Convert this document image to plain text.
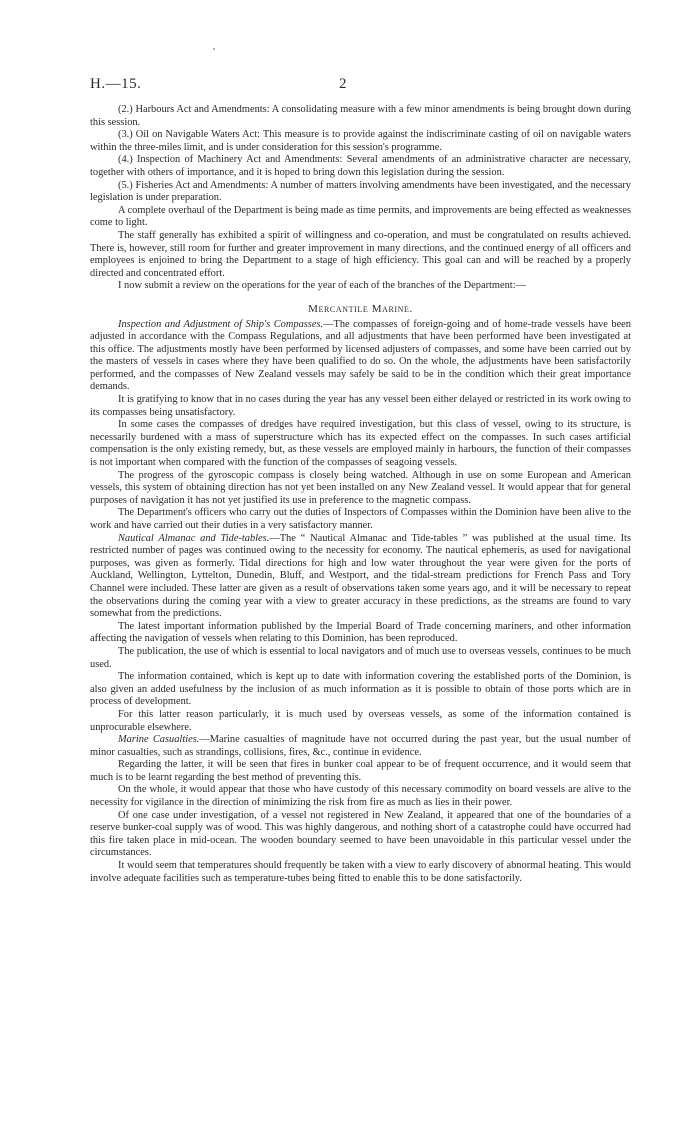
H.—15.	2

(2.) Harbours Act and Amendments: A consolidating measure with a few minor amendments is being brought down during this session.

(3.) Oil on Navigable Waters Act: This measure is to provide against the indiscriminate casting of oil on navigable waters within the three-miles limit, and is under consideration for this session's programme.

(4.) Inspection of Machinery Act and Amendments: Several amendments of an administrative character are necessary, together with others of importance, and it is hoped to bring down this legislation during the session.

(5.) Fisheries Act and Amendments: A number of matters involving amendments have been investigated, and the necessary legislation is under preparation.

A complete overhaul of the Department is being made as time permits, and improvements are being effected as weaknesses come to light.

The staff generally has exhibited a spirit of willingness and co-operation, and must be congratulated on results achieved. There is, however, still room for further and greater improvement in many directions, and the continued energy of all officers and employees is enjoined to bring the Department to a stage of high efficiency. This goal can and will be reached by a properly directed and concentrated effort.

I now submit a review on the operations for the year of each of the branches of the Department:—

Mercantile Marine.

Inspection and Adjustment of Ship's Compasses.—The compasses of foreign-going and of home-trade vessels have been adjusted in accordance with the Compass Regulations, and all adjustments that have been performed have been investigated at this office. The adjustments mostly have been performed by licensed adjusters of compasses, and some have been carried out by the masters of vessels in cases where they have been qualified to do so. On the whole, the adjustments have been satisfactorily performed, and the compasses of New Zealand vessels may safely be said to be in the condition which their great importance demands.

It is gratifying to know that in no cases during the year has any vessel been either delayed or restricted in its work owing to its compasses being unsatisfactory.

In some cases the compasses of dredges have required investigation, but this class of vessel, owing to its structure, is necessarily burdened with a mass of superstructure which has its expected effect on the compasses. In such cases artificial compensation is the only existing remedy, but, as these vessels are employed mainly in harbours, the function of their compasses is not important when compared with the function of the compasses of seagoing vessels.

The progress of the gyroscopic compass is closely being watched. Although in use on some European and American vessels, this system of obtaining direction has not yet been installed on any New Zealand vessel. It would appear that for general purposes of navigation it has not yet justified its use in preference to the magnetic compass.

The Department's officers who carry out the duties of Inspectors of Compasses within the Dominion have been alive to the work and have carried out their duties in a very satisfactory manner.

Nautical Almanac and Tide-tables.—The “ Nautical Almanac and Tide-tables ” was published at the usual time. Its restricted number of pages was continued owing to the necessity for economy. The nautical ephemeris, as used for navigational purposes, was given as formerly. Tidal directions for high and low water throughout the year were given for the ports of Auckland, Wellington, Lyttelton, Dunedin, Bluff, and Westport, and the tidal-stream predictions for French Pass and Tory Channel were included. These latter are given as a result of observations taken some years ago, and it will be necessary to repeat the observations during the coming year with a view to greater accuracy in these predictions, as the streams are found to vary somewhat from the predictions.

The latest important information published by the Imperial Board of Trade concerning mariners, and other information affecting the navigation of vessels when relating to this Dominion, has been reproduced.

The publication, the use of which is essential to local navigators and of much use to overseas vessels, continues to be much used.

The information contained, which is kept up to date with information covering the established ports of the Dominion, is also given an added usefulness by the inclusion of as much information as it is possible to obtain of those ports which are in process of development.

For this latter reason particularly, it is much used by overseas vessels, as some of the information contained is unprocurable elsewhere.

Marine Casualties.—Marine casualties of magnitude have not occurred during the past year, but the usual number of minor casualties, such as strandings, collisions, fires, &c., continue in evidence.

Regarding the latter, it will be seen that fires in bunker coal appear to be of frequent occurrence, and it would seem that much is to be learnt regarding the best method of preventing this.

On the whole, it would appear that those who have custody of this necessary commodity on board vessels are alive to the necessity for vigilance in the direction of minimizing the risk from fire as much as lies in their power.

Of one case under investigation, of a vessel not registered in New Zealand, it appeared that one of the boundaries of a reserve bunker-coal supply was of wood. This was highly dangerous, and nothing short of a catastrophe could have occurred had this fire taken place in mid-ocean. The wooden boundary seemed to have been unavoidable in this particular vessel under the circumstances.

It would seem that temperatures should frequently be taken with a view to early discovery of abnormal heating. This would involve adequate facilities such as temperature-tubes being fitted to enable this to be done satisfactorily.
